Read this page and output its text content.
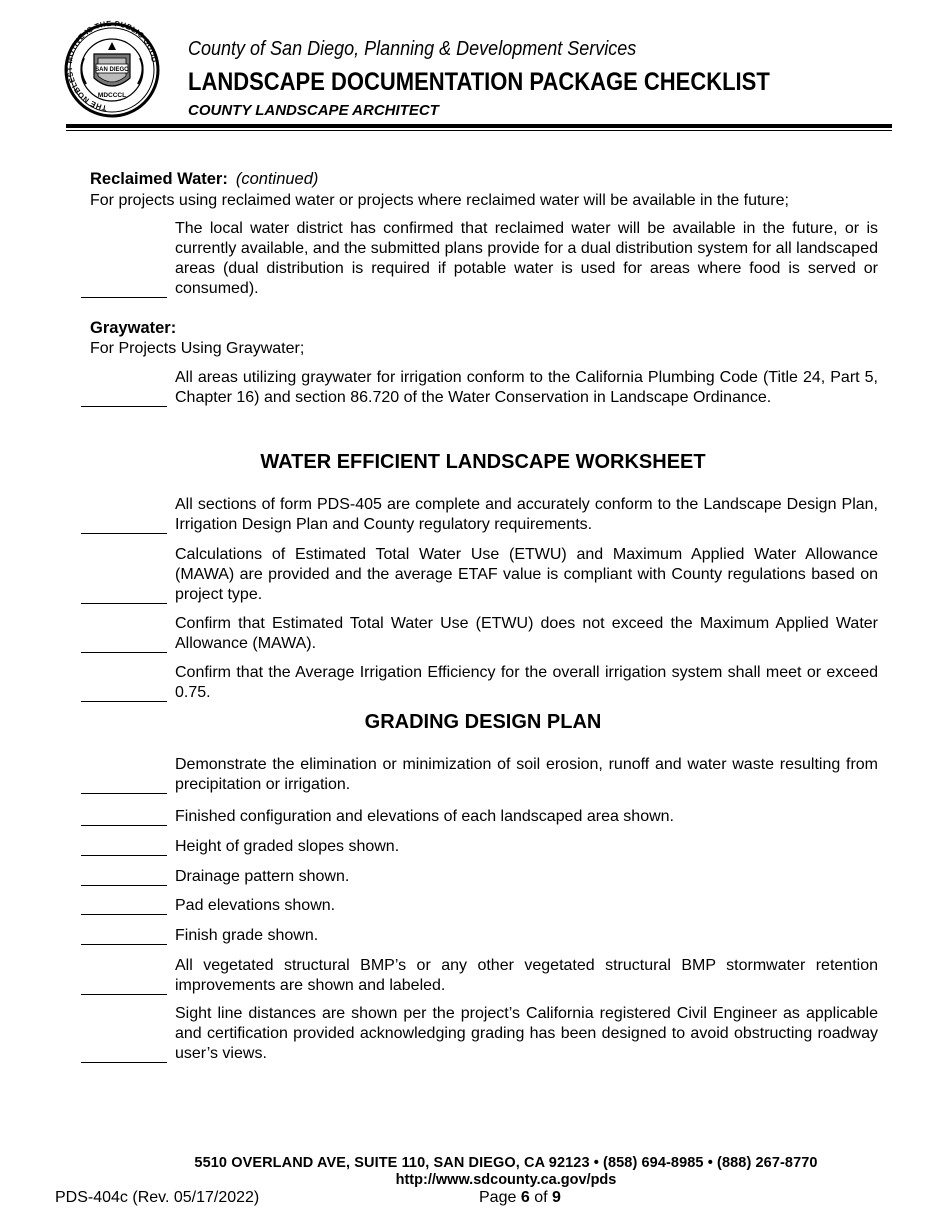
THE NOBLEST MOTIVE IS THE PUBLIC GOOD
SAN DIEGO
MDCCCL
County of San Diego, Planning & Development Services
LANDSCAPE DOCUMENTATION PACKAGE CHECKLIST
COUNTY LANDSCAPE ARCHITECT
Reclaimed Water: (continued)
For projects using reclaimed water or projects where reclaimed water will be available in the future;
The local water district has confirmed that reclaimed water will be available in the future, or is currently available, and the submitted plans provide for a dual distribution system for all landscaped areas (dual distribution is required if potable water is used for areas where food is served or consumed).
Graywater:
For Projects Using Graywater;
All areas utilizing graywater for irrigation conform to the California Plumbing Code (Title 24, Part 5, Chapter 16) and section 86.720 of the Water Conservation in Landscape Ordinance.
WATER EFFICIENT LANDSCAPE WORKSHEET
All sections of form PDS-405 are complete and accurately conform to the Landscape Design Plan, Irrigation Design Plan and County regulatory requirements.
Calculations of Estimated Total Water Use (ETWU) and Maximum Applied Water Allowance (MAWA) are provided and the average ETAF value is compliant with County regulations based on project type.
Confirm that Estimated Total Water Use (ETWU) does not exceed the Maximum Applied Water Allowance (MAWA).
Confirm that the Average Irrigation Efficiency for the overall irrigation system shall meet or exceed 0.75.
GRADING DESIGN PLAN
Demonstrate the elimination or minimization of soil erosion, runoff and water waste resulting from precipitation or irrigation.
Finished configuration and elevations of each landscaped area shown.
Height of graded slopes shown.
Drainage pattern shown.
Pad elevations shown.
Finish grade shown.
All vegetated structural BMP’s or any other vegetated structural BMP stormwater retention improvements are shown and labeled.
Sight line distances are shown per the project’s California registered Civil Engineer as applicable and certification provided acknowledging grading has been designed to avoid obstructing roadway user’s views.
5510 OVERLAND AVE, SUITE 110, SAN DIEGO, CA 92123 • (858) 694-8985 • (888) 267-8770
http://www.sdcounty.ca.gov/pds
PDS-404c (Rev. 05/17/2022)	Page 6 of 9
